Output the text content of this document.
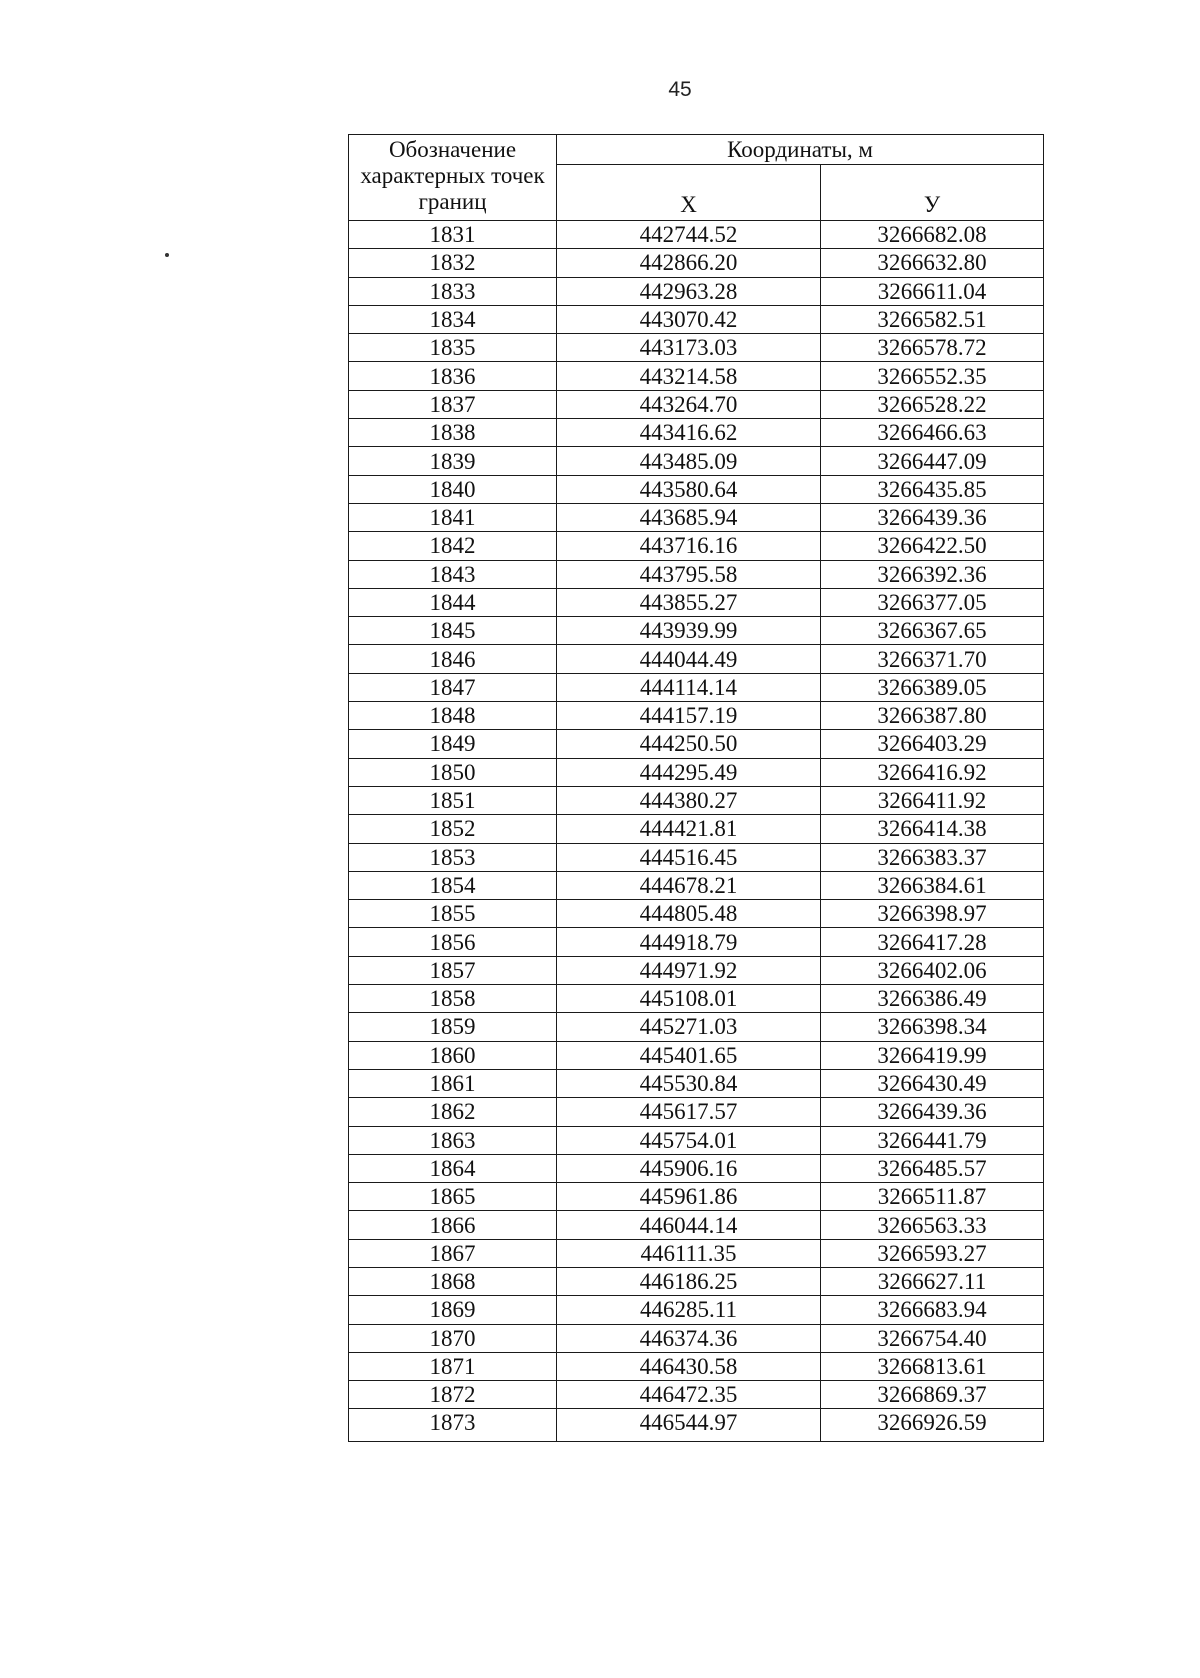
45
Обозначение характерных точек границ	Координаты, м	
	Х	У
1831	442744.52	3266682.08
1832	442866.20	3266632.80
1833	442963.28	3266611.04
1834	443070.42	3266582.51
1835	443173.03	3266578.72
1836	443214.58	3266552.35
1837	443264.70	3266528.22
1838	443416.62	3266466.63
1839	443485.09	3266447.09
1840	443580.64	3266435.85
1841	443685.94	3266439.36
1842	443716.16	3266422.50
1843	443795.58	3266392.36
1844	443855.27	3266377.05
1845	443939.99	3266367.65
1846	444044.49	3266371.70
1847	444114.14	3266389.05
1848	444157.19	3266387.80
1849	444250.50	3266403.29
1850	444295.49	3266416.92
1851	444380.27	3266411.92
1852	444421.81	3266414.38
1853	444516.45	3266383.37
1854	444678.21	3266384.61
1855	444805.48	3266398.97
1856	444918.79	3266417.28
1857	444971.92	3266402.06
1858	445108.01	3266386.49
1859	445271.03	3266398.34
1860	445401.65	3266419.99
1861	445530.84	3266430.49
1862	445617.57	3266439.36
1863	445754.01	3266441.79
1864	445906.16	3266485.57
1865	445961.86	3266511.87
1866	446044.14	3266563.33
1867	446111.35	3266593.27
1868	446186.25	3266627.11
1869	446285.11	3266683.94
1870	446374.36	3266754.40
1871	446430.58	3266813.61
1872	446472.35	3266869.37
1873	446544.97	3266926.59
